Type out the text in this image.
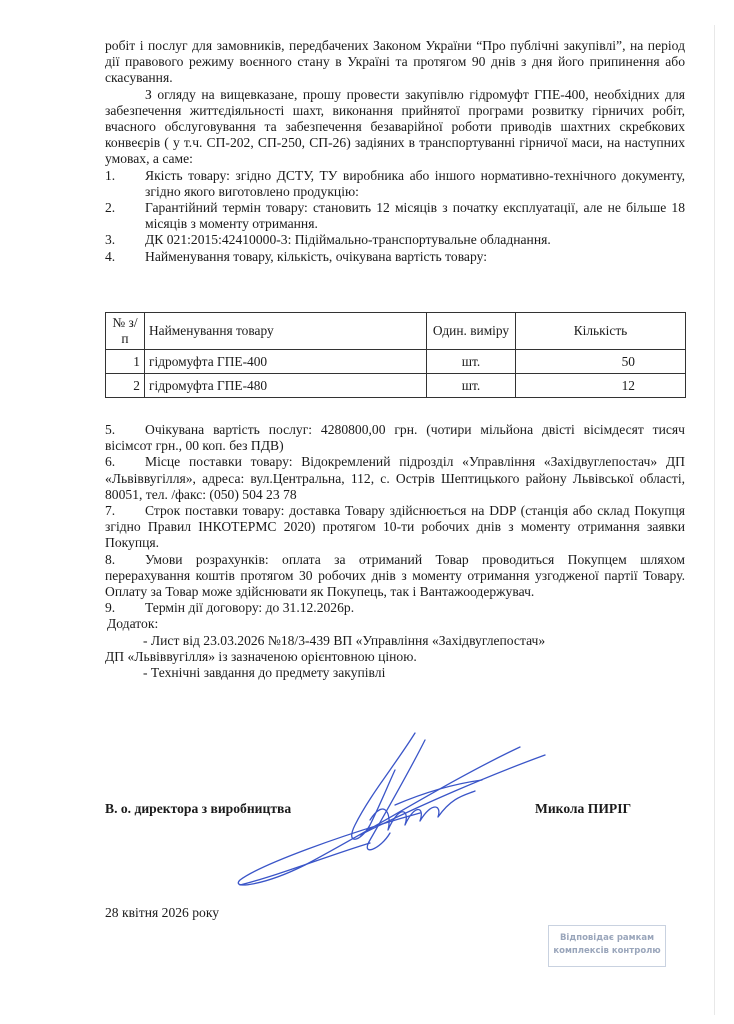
робіт і послуг для замовників, передбачених Законом України “Про публічні закупівлі”, на період дії правового режиму воєнного стану в Україні та протягом 90 днів з дня його припинення або скасування.

З огляду на вищевказане, прошу провести закупівлю гідромуфт ГПЕ-400, необхідних для забезпечення життєдіяльності шахт, виконання прийнятої програми розвитку гірничих робіт, вчасного обслуговування та забезпечення безаварійної роботи приводів шахтних скребкових конвеєрів ( у т.ч. СП-202, СП-250, СП-26) задіяних в транспортуванні гірничої маси, на наступних умовах, а саме:

1.	Якість товару: згідно ДСТУ, ТУ виробника або іншого нормативно-технічного документу, згідно якого виготовлено продукцію:
2.	Гарантійний термін товару: становить 12 місяців з початку експлуатації, але не більше 18 місяців з моменту отримання.
3.	ДК 021:2015:42410000-3: Підіймально-транспортувальне обладнання.
4.	Найменування товару, кількість, очікувана вартість товару:
№ з/п	Найменування товару	Один. виміру	Кількість
1	гідромуфта ГПЕ-400	шт.	50
2	гідромуфта ГПЕ-480	шт.	12
5. Очікувана вартість послуг: 4280800,00 грн. (чотири мільйона двісті вісімдесят тисяч вісімсот грн., 00 коп. без ПДВ)
6. Місце поставки товару: Відокремлений підрозділ «Управління «Західвуглепостач» ДП «Львіввугілля», адреса: вул.Центральна, 112, с. Острів Шептицького району Львівської області, 80051, тел. /факс: (050) 504 23 78
7. Строк поставки товару: доставка Товару здійснюється на DDP (станція або склад Покупця згідно Правил ІНКОТЕРМС 2020) протягом 10-ти робочих днів з моменту отримання заявки Покупця.
8. Умови розрахунків: оплата за отриманий Товар проводиться Покупцем шляхом перерахування коштів протягом 30 робочих днів з моменту отримання узгодженої партії Товару. Оплату за Товар може здійснювати як Покупець, так і Вантажоодержувач.
9. Термін дії договору: до 31.12.2026р.
Додаток:
- Лист від 23.03.2026 №18/3-439 ВП «Управління «Західвуглепостач»
ДП «Львіввугілля» із зазначеною орієнтовною ціною.
- Технічні завдання до предмету закупівлі
В. о. директора з виробництва	Микола ПИРІГ
28 квітня 2026 року
Відповідає рамкам
комплексів контролю
